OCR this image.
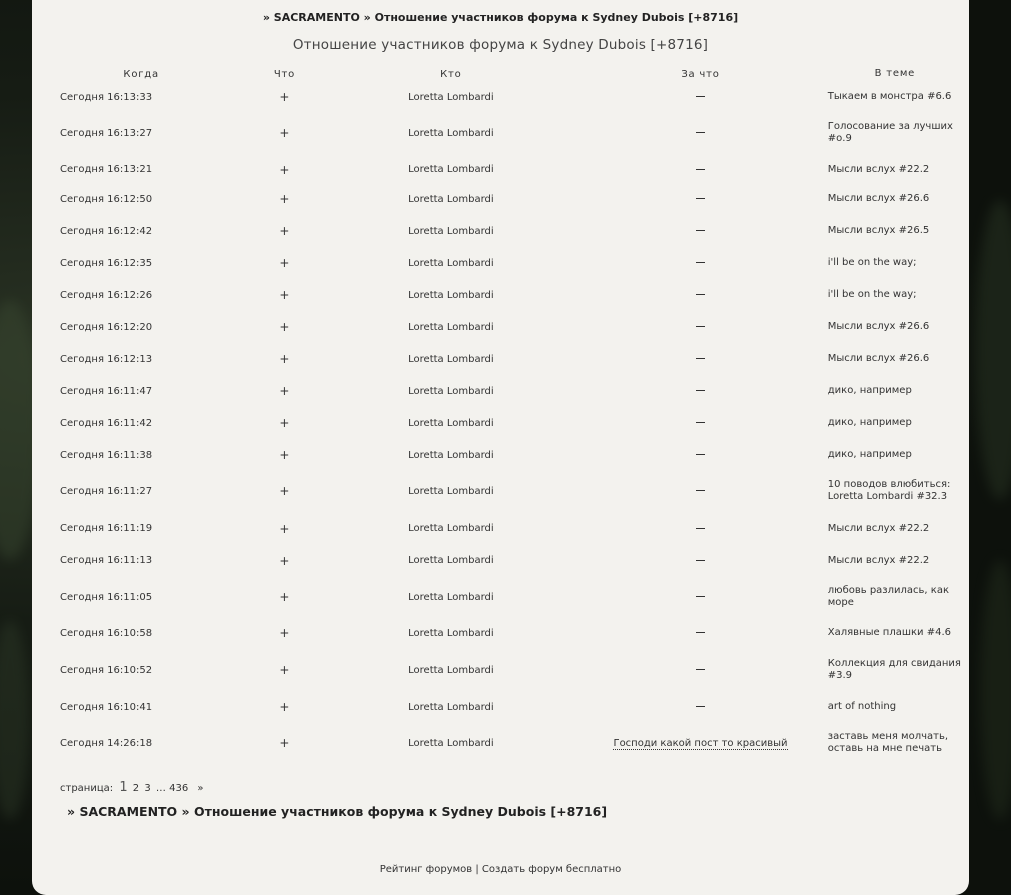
» SACRAMENTO » Отношение участников форума к Sydney Dubois [+8716]
Отношение участников форума к Sydney Dubois [+8716]
Когда	Что	Кто	За что	В теме
Сегодня 16:13:33	+	Loretta Lombardi		Тыкаем в монстра #6.6
Сегодня 16:13:27	+	Loretta Lombardi		Голосование за лучших #о.9
Сегодня 16:13:21	+	Loretta Lombardi		Мысли вслух #22.2
Сегодня 16:12:50	+	Loretta Lombardi		Мысли вслух #26.6
Сегодня 16:12:42	+	Loretta Lombardi		Мысли вслух #26.5
Сегодня 16:12:35	+	Loretta Lombardi		i'll be on the way;
Сегодня 16:12:26	+	Loretta Lombardi		i'll be on the way;
Сегодня 16:12:20	+	Loretta Lombardi		Мысли вслух #26.6
Сегодня 16:12:13	+	Loretta Lombardi		Мысли вслух #26.6
Сегодня 16:11:47	+	Loretta Lombardi		дико, например
Сегодня 16:11:42	+	Loretta Lombardi		дико, например
Сегодня 16:11:38	+	Loretta Lombardi		дико, например
Сегодня 16:11:27	+	Loretta Lombardi		10 поводов влюбиться: Loretta Lombardi #32.3
Сегодня 16:11:19	+	Loretta Lombardi		Мысли вслух #22.2
Сегодня 16:11:13	+	Loretta Lombardi		Мысли вслух #22.2
Сегодня 16:11:05	+	Loretta Lombardi		любовь разлилась, как море
Сегодня 16:10:58	+	Loretta Lombardi		Халявные плашки #4.6
Сегодня 16:10:52	+	Loretta Lombardi		Коллекция для свидания #3.9
Сегодня 16:10:41	+	Loretta Lombardi		art of nothing
Сегодня 14:26:18	+	Loretta Lombardi	Господи какой пост то красивый	заставь меня молчать, оставь на мне печать
страница: 1 2 3 … 436 »
» SACRAMENTO » Отношение участников форума к Sydney Dubois [+8716]
Рейтинг форумов | Создать форум бесплатно
